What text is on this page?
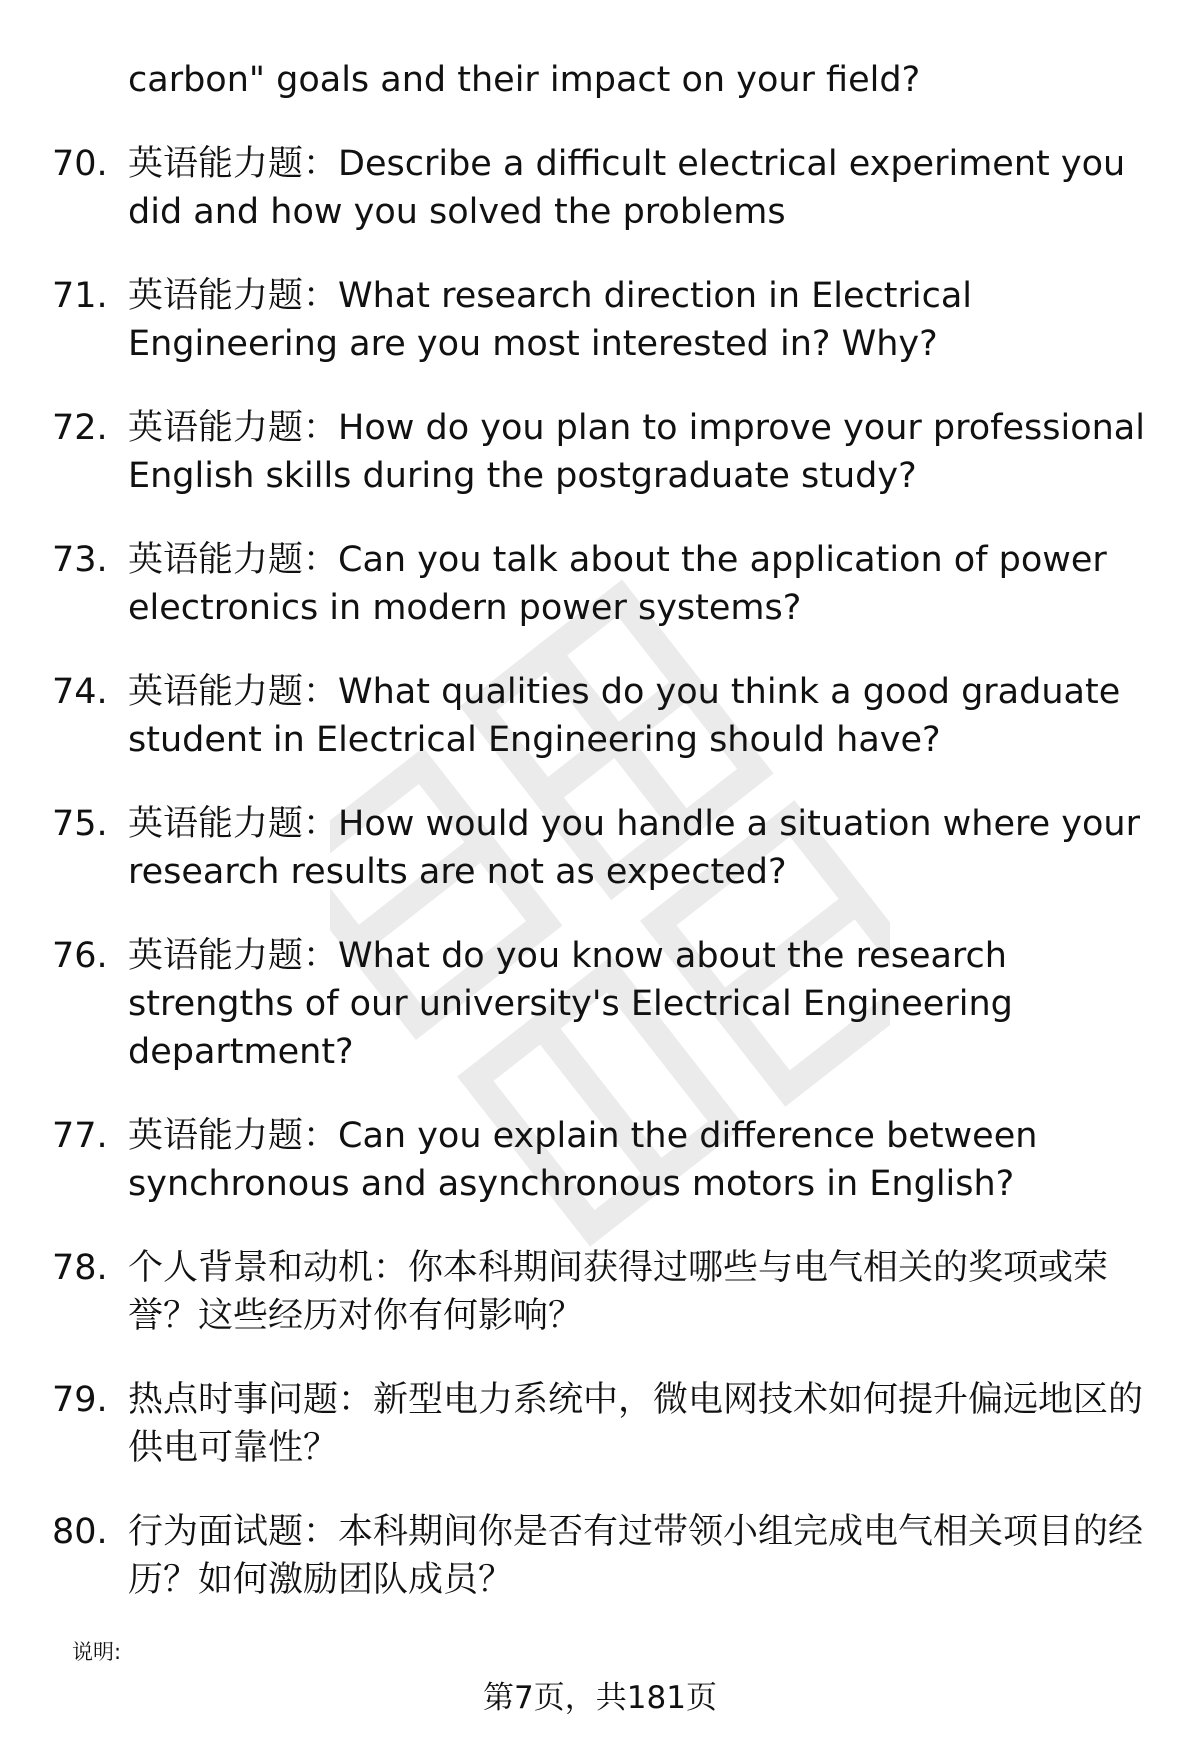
carbon" goals and their impact on your field?
70. 英语能力题：Describe a difficult electrical experiment you did and how you solved the problems
71. 英语能力题：What research direction in Electrical Engineering are you most interested in? Why?
72. 英语能力题：How do you plan to improve your professional English skills during the postgraduate study?
73. 英语能力题：Can you talk about the application of power electronics in modern power systems?
74. 英语能力题：What qualities do you think a good graduate student in Electrical Engineering should have?
75. 英语能力题：How would you handle a situation where your research results are not as expected?
76. 英语能力题：What do you know about the research strengths of our university's Electrical Engineering department?
77. 英语能力题：Can you explain the difference between synchronous and asynchronous motors in English?
78. 个人背景和动机：你本科期间获得过哪些与电气相关的奖项或荣誉？这些经历对你有何影响？
79. 热点时事问题：新型电力系统中，微电网技术如何提升偏远地区的供电可靠性？
80. 行为面试题：本科期间你是否有过带领小组完成电气相关项目的经历？如何激励团队成员？
说明:
第7页，共181页
